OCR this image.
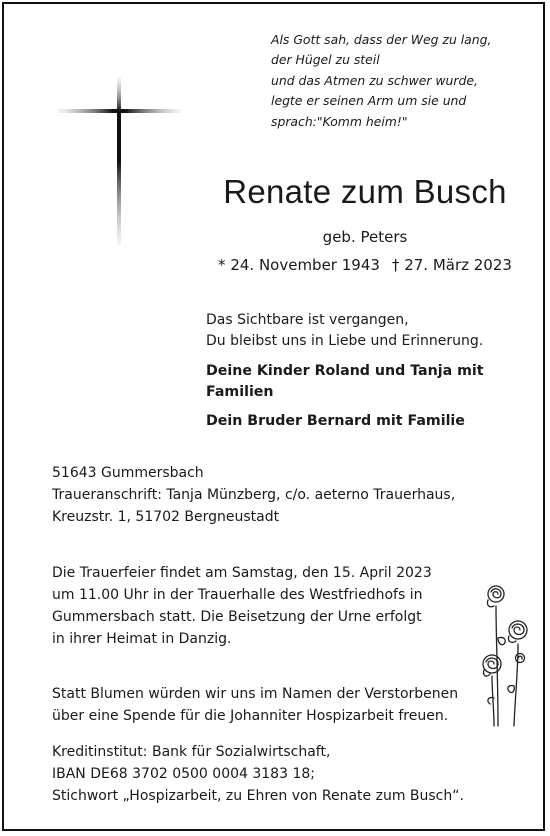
Als Gott sah, dass der Weg zu lang,
der Hügel zu steil
und das Atmen zu schwer wurde,
legte er seinen Arm um sie und
sprach:"Komm heim!"
Renate zum Busch
geb. Peters
* 24. November 1943 † 27. März 2023
Das Sichtbare ist vergangen,
Du bleibst uns in Liebe und Erinnerung.
Deine Kinder Roland und Tanja mit Familien
Dein Bruder Bernard mit Familie
51643 Gummersbach
Traueranschrift: Tanja Münzberg, c/o. aeterno Trauerhaus,
Kreuzstr. 1, 51702 Bergneustadt
Die Trauerfeier findet am Samstag, den 15. April 2023
um 11.00 Uhr in der Trauerhalle des Westfriedhofs in
Gummersbach statt. Die Beisetzung der Urne erfolgt
in ihrer Heimat in Danzig.
Statt Blumen würden wir uns im Namen der Verstorbenen
über eine Spende für die Johanniter Hospizarbeit freuen.
Kreditinstitut: Bank für Sozialwirtschaft,
IBAN DE68 3702 0500 0004 3183 18;
Stichwort „Hospizarbeit, zu Ehren von Renate zum Busch“.
